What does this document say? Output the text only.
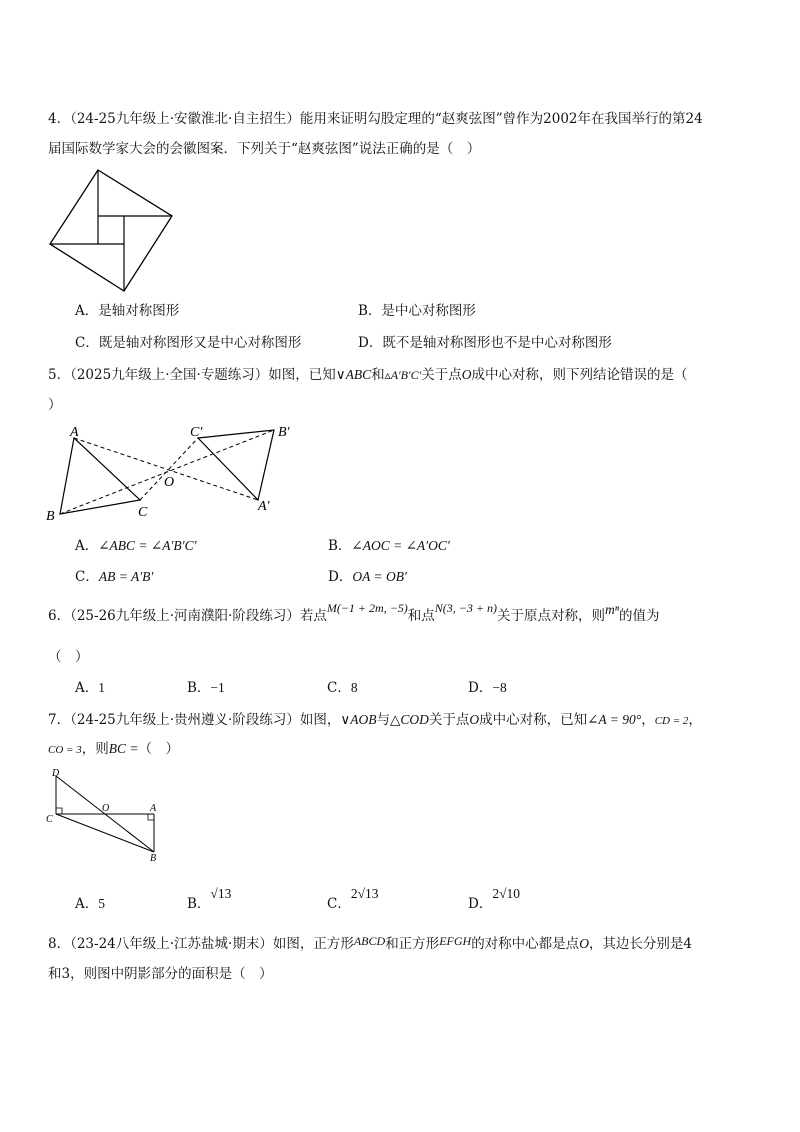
4．（24-25九年级上·安徽淮北·自主招生）能用来证明勾股定理的“赵爽弦图”曾作为2002年在我国举行的第24
届国际数学家大会的会徽图案．下列关于“赵爽弦图”说法正确的是（　）
A．是轴对称图形	B．是中心对称图形
C．既是轴对称图形又是中心对称图形	D．既不是轴对称图形也不是中心对称图形
5．（2025九年级上·全国·专题练习）如图，已知∨ABC和▵A′B′C′关于点O成中心对称，则下列结论错误的是（
）
A
B	C
O
C′	B′
A′
A．∠ABC = ∠A′B′C′	B．∠AOC = ∠A′OC′
C．AB = A′B′	D．OA = OB′
6．（25-26九年级上·河南濮阳·阶段练习）若点M(−1 + 2m, −5)和点N(3, −3 + n)关于原点对称，则mⁿ的值为
（　）
A．1	B．−1	C．8	D．−8
7．（24-25九年级上·贵州遵义·阶段练习）如图，∨AOB与△COD关于点O成中心对称，已知∠A = 90°，CD = 2，
CO = 3，则BC =（　）
D
O	A
C
B
A．5	B．√13
C．2√13
D．2√10
8．（23-24八年级上·江苏盐城·期末）如图，正方形ABCD和正方形EFGH的对称中心都是点O，其边长分别是4
和3，则图中阴影部分的面积是（　）
